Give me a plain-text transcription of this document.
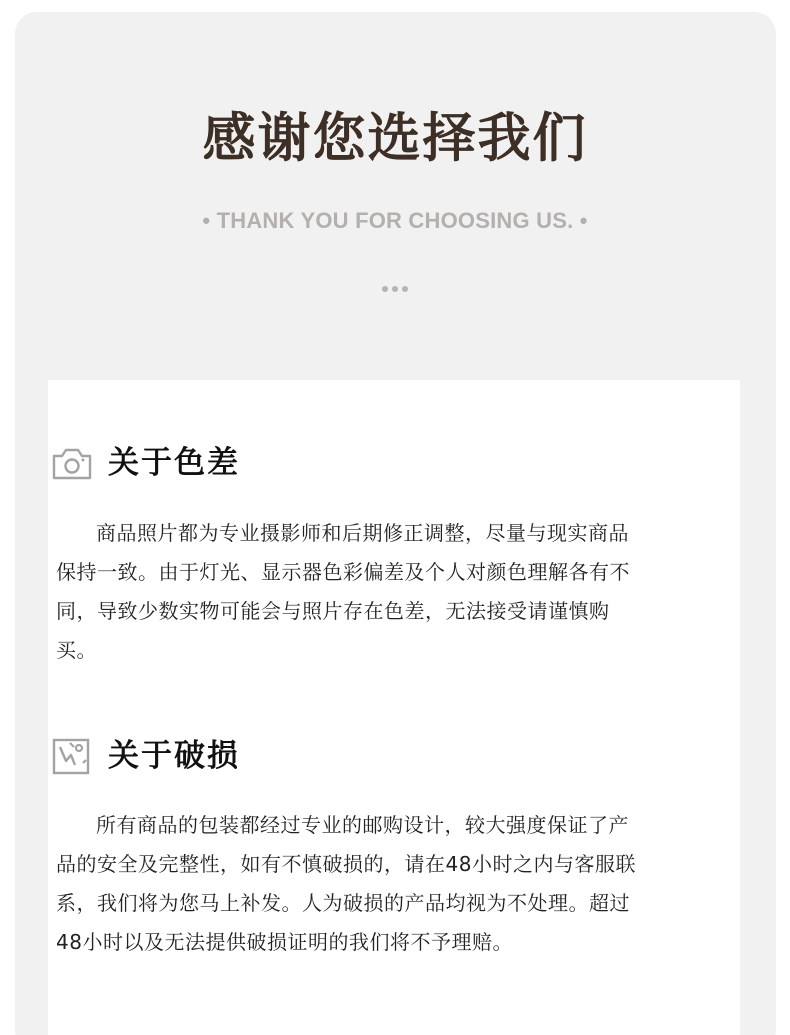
感谢您选择我们
• THANK YOU FOR CHOOSING US. •
关于色差

商品照片都为专业摄影师和后期修正调整，尽量与现实商品保持一致。由于灯光、显示器色彩偏差及个人对颜色理解各有不同，导致少数实物可能会与照片存在色差，无法接受请谨慎购买。

关于破损

所有商品的包装都经过专业的邮购设计，较大强度保证了产品的安全及完整性，如有不慎破损的，请在48小时之内与客服联系，我们将为您马上补发。人为破损的产品均视为不处理。超过48小时以及无法提供破损证明的我们将不予理赔。
